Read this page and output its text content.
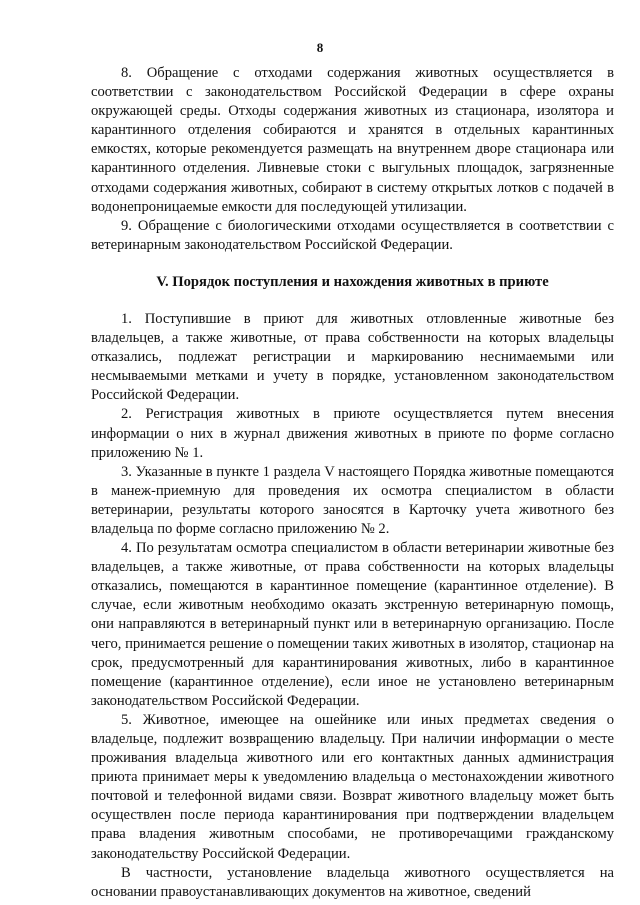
8

8. Обращение с отходами содержания животных осуществляется в соответствии с законодательством Российской Федерации в сфере охраны окружающей среды. Отходы содержания животных из стационара, изолятора и карантинного отделения собираются и хранятся в отдельных карантинных емкостях, которые рекомендуется размещать на внутреннем дворе стационара или карантинного отделения. Ливневые стоки с выгульных площадок, загрязненные отходами содержания животных, собирают в систему открытых лотков с подачей в водонепроницаемые емкости для последующей утилизации.

9. Обращение с биологическими отходами осуществляется в соответствии с ветеринарным законодательством Российской Федерации.

V. Порядок поступления и нахождения животных в приюте

1. Поступившие в приют для животных отловленные животные без владельцев, а также животные, от права собственности на которых владельцы отказались, подлежат регистрации и маркированию неснимаемыми или несмываемыми метками и учету в порядке, установленном законодательством Российской Федерации.

2. Регистрация животных в приюте осуществляется путем внесения информации о них в журнал движения животных в приюте по форме согласно приложению № 1.

3. Указанные в пункте 1 раздела V настоящего Порядка животные помещаются в манеж-приемную для проведения их осмотра специалистом в области ветеринарии, результаты которого заносятся в Карточку учета животного без владельца по форме согласно приложению № 2.

4. По результатам осмотра специалистом в области ветеринарии животные без владельцев, а также животные, от права собственности на которых владельцы отказались, помещаются в карантинное помещение (карантинное отделение). В случае, если животным необходимо оказать экстренную ветеринарную помощь, они направляются в ветеринарный пункт или в ветеринарную организацию. После чего, принимается решение о помещении таких животных в изолятор, стационар на срок, предусмотренный для карантинирования животных, либо в карантинное помещение (карантинное отделение), если иное не установлено ветеринарным законодательством Российской Федерации.

5. Животное, имеющее на ошейнике или иных предметах сведения о владельце, подлежит возвращению владельцу. При наличии информации о месте проживания владельца животного или его контактных данных администрация приюта принимает меры к уведомлению владельца о местонахождении животного почтовой и телефонной видами связи. Возврат животного владельцу может быть осуществлен после периода карантинирования при подтверждении владельцем права владения животным способами, не противоречащими гражданскому законодательству Российской Федерации.

В частности, установление владельца животного осуществляется на основании правоустанавливающих документов на животное, сведений
